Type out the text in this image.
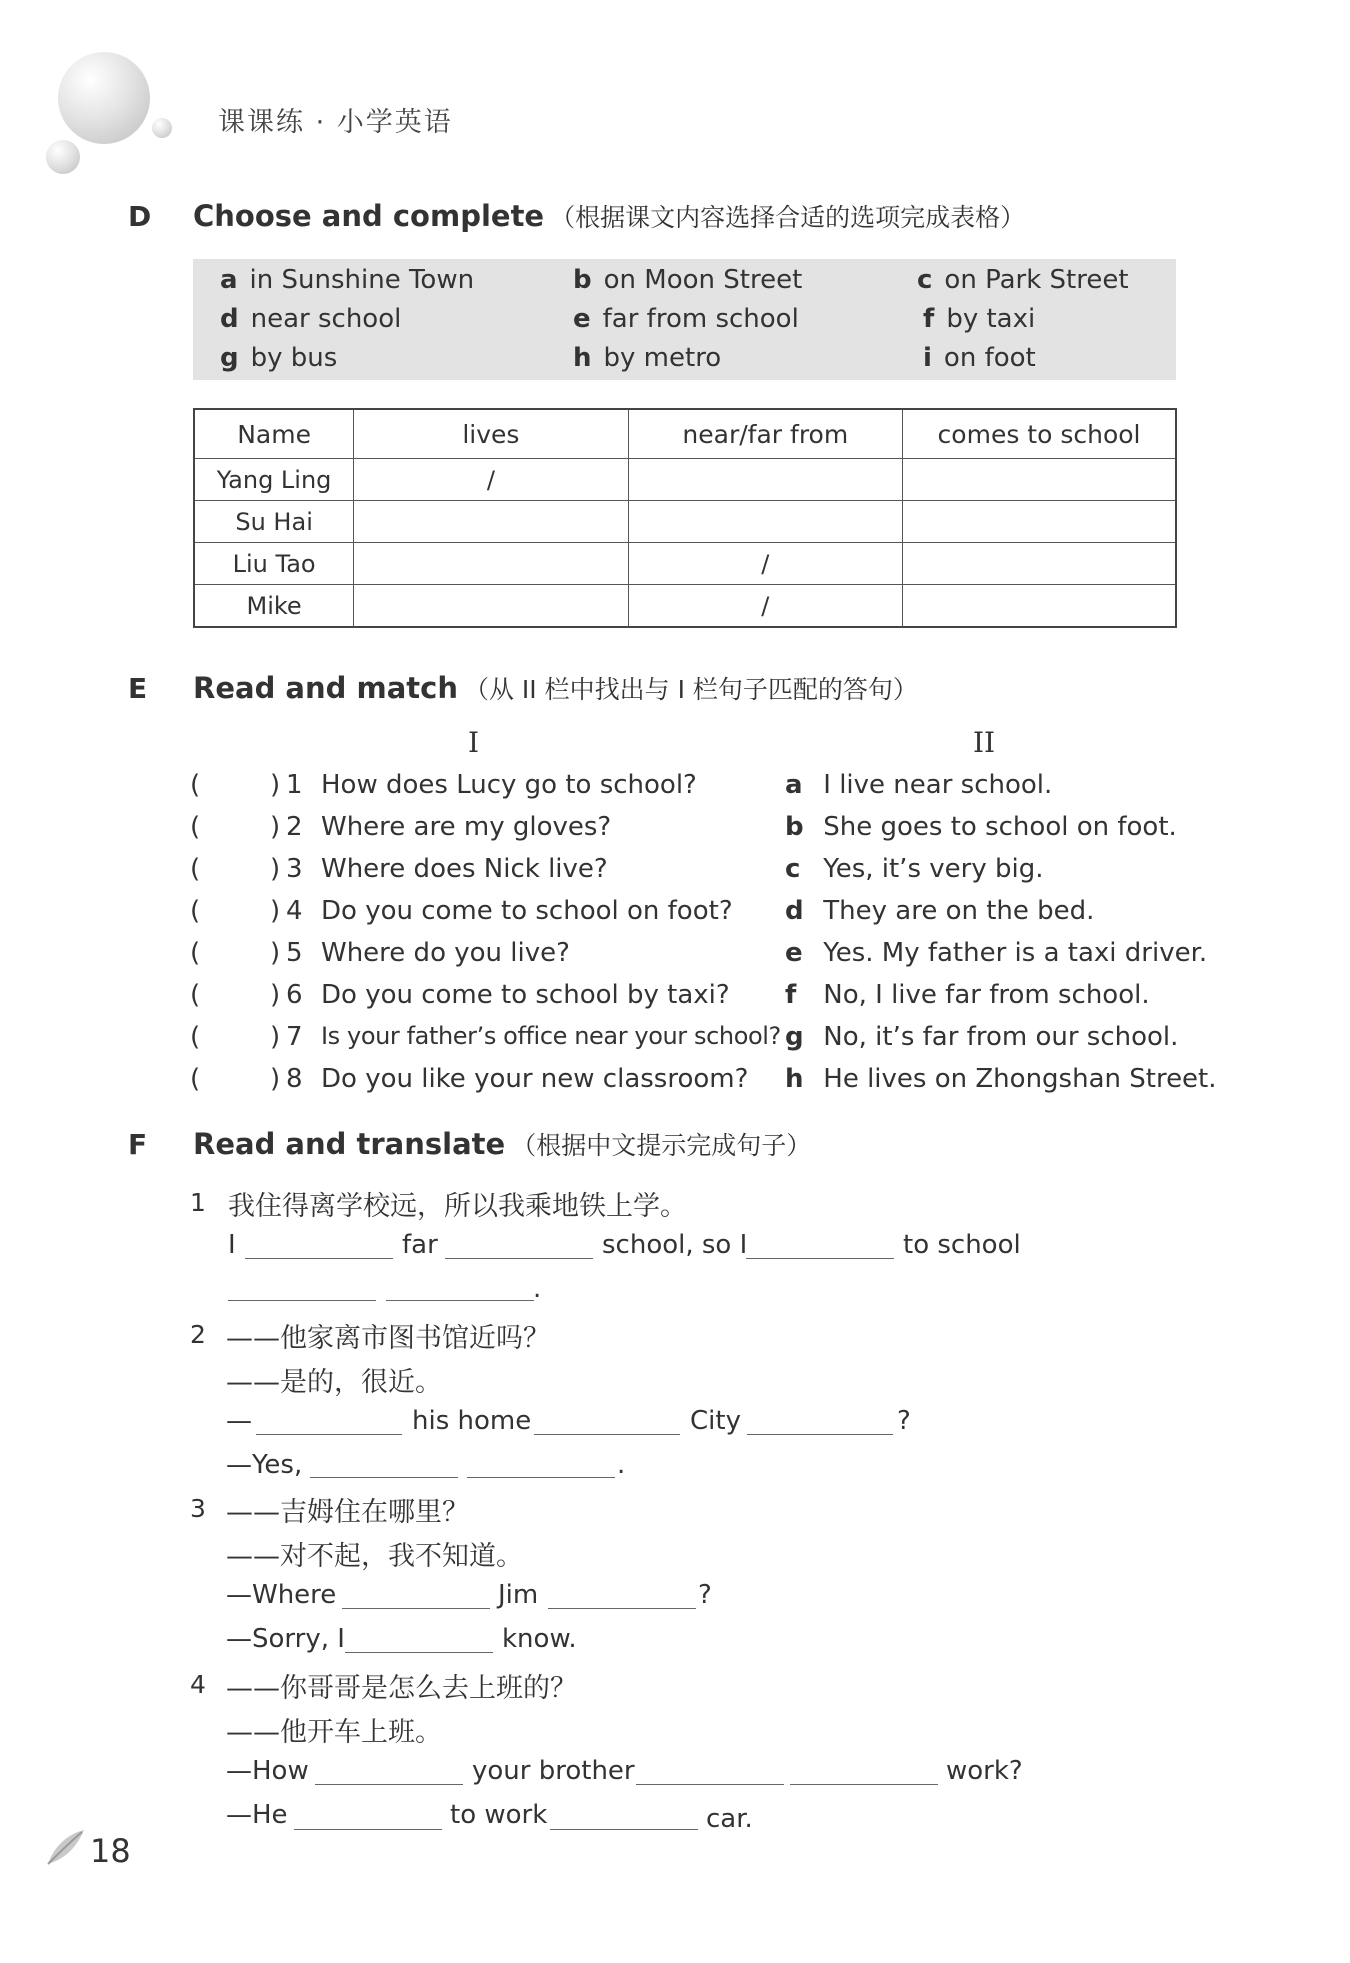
课课练 · 小学英语
D Choose and complete （根据课文内容选择合适的选项完成表格）
a in Sunshine Town	b on Moon Street	c on Park Street
d near school	e far from school	f by taxi
g by bus	h by metro	i on foot
Name	lives	near/far from	comes to school
Yang Ling	/		
Su Hai			
Liu Tao		/	
Mike		/	
E Read and match （从 II 栏中找出与 I 栏句子匹配的答句）
I	II
(	) 1 How does Lucy go to school?	a I live near school.
(	) 2 Where are my gloves?	b She goes to school on foot.
(	) 3 Where does Nick live?	c Yes, it’s very big.
(	) 4 Do you come to school on foot? d They are on the bed.
(	) 5 Where do you live?	e Yes. My father is a taxi driver.
(	) 6 Do you come to school by taxi? f No, I live far from school.
(	) 7 Is your father’s office near your school? g No, it’s far from our school.
(	) 8 Do you like your new classroom? h He lives on Zhongshan Street.
F Read and translate （根据中文提示完成句子）
1 我住得离学校远，所以我乘地铁上学。
I	far	school, so I	to school
.
2 ——他家离市图书馆近吗？
——是的，很近。
—	his home	City	?
—Yes,	.
3 ——吉姆住在哪里？
——对不起，我不知道。
—Where	Jim	?
—Sorry, I	know.
4 ——你哥哥是怎么去上班的？
——他开车上班。
—How	your brother	work?
—He	to work	car.
18
